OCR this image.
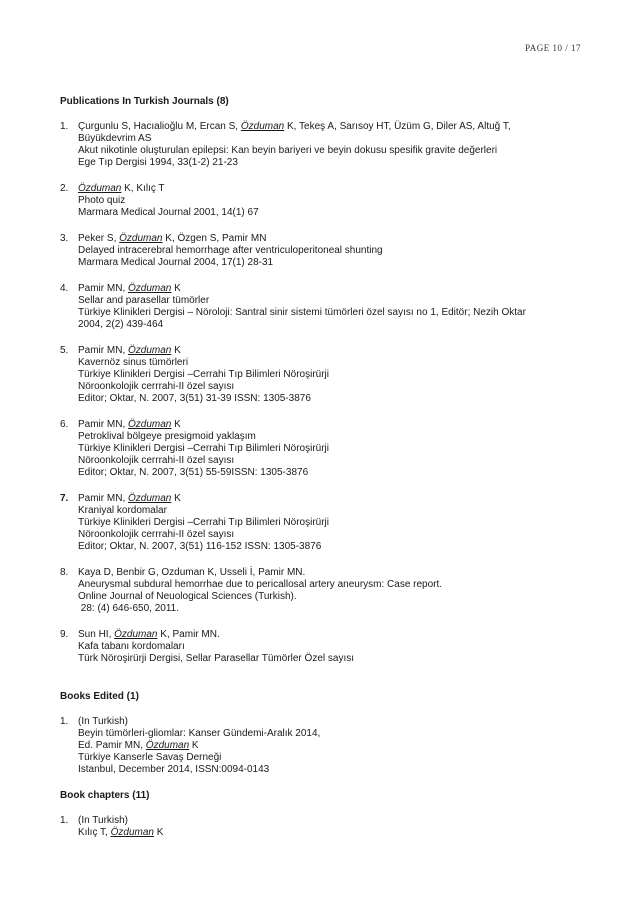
PAGE 10 / 17
Publications In Turkish Journals (8)
1. Çurgunlu S, Hacıalioğlu M, Ercan S, Özduman K, Tekeş A, Sarısoy HT, Üzüm G, Diler AS, Altuğ T,
Büyükdevrim AS
Akut nikotinle oluşturulan epilepsi: Kan beyin bariyeri ve beyin dokusu spesifik gravite değerleri
Ege Tıp Dergisi 1994, 33(1-2) 21-23
2. Özduman K, Kılıç T
Photo quiz
Marmara Medical Journal 2001, 14(1) 67
3. Peker S, Özduman K, Özgen S, Pamir MN
Delayed intracerebral hemorrhage after ventriculoperitoneal shunting
Marmara Medical Journal 2004, 17(1) 28-31
4. Pamir MN, Özduman K
Sellar and parasellar tümörler
Türkiye Klinikleri Dergisi – Nöroloji: Santral sinir sistemi tümörleri özel sayısı no 1, Editör; Nezih Oktar
2004, 2(2) 439-464
5. Pamir MN, Özduman K
Kavernöz sinus tümörleri
Türkiye Klinikleri Dergisi –Cerrahi Tıp Bilimleri Nöroşirürji
Nöroonkolojik cerrrahi-II özel sayısı
Editor; Oktar, N. 2007, 3(51) 31-39 ISSN: 1305-3876
6. Pamir MN, Özduman K
Petroklival bölgeye presigmoid yaklaşım
Türkiye Klinikleri Dergisi –Cerrahi Tıp Bilimleri Nöroşirürji
Nöroonkolojik cerrrahi-II özel sayısı
Editor; Oktar, N. 2007, 3(51) 55-59ISSN: 1305-3876
7. Pamir MN, Özduman K
Kraniyal kordomalar
Türkiye Klinikleri Dergisi –Cerrahi Tıp Bilimleri Nöroşirürji
Nöroonkolojik cerrrahi-II özel sayısı
Editor; Oktar, N. 2007, 3(51) 116-152 ISSN: 1305-3876
8. Kaya D, Benbir G, Ozduman K, Usseli İ, Pamir MN.
Aneurysmal subdural hemorrhae due to pericallosal artery aneurysm: Case report.
Online Journal of Neuological Sciences (Turkish).
28: (4) 646-650, 2011.
9. Sun HI, Özduman K, Pamir MN.
Kafa tabanı kordomaları
Türk Nöroşirürji Dergisi, Sellar Parasellar Tümörler Özel sayısı
Books Edited (1)
1. (In Turkish)
Beyin tümörleri-gliomlar: Kanser Gündemi-Aralık 2014,
Ed. Pamir MN, Özduman K
Türkiye Kanserle Savaş Derneği
Istanbul, December 2014, ISSN:0094-0143
Book chapters (11)
1. (In Turkish)
Kılıç T, Özduman K
